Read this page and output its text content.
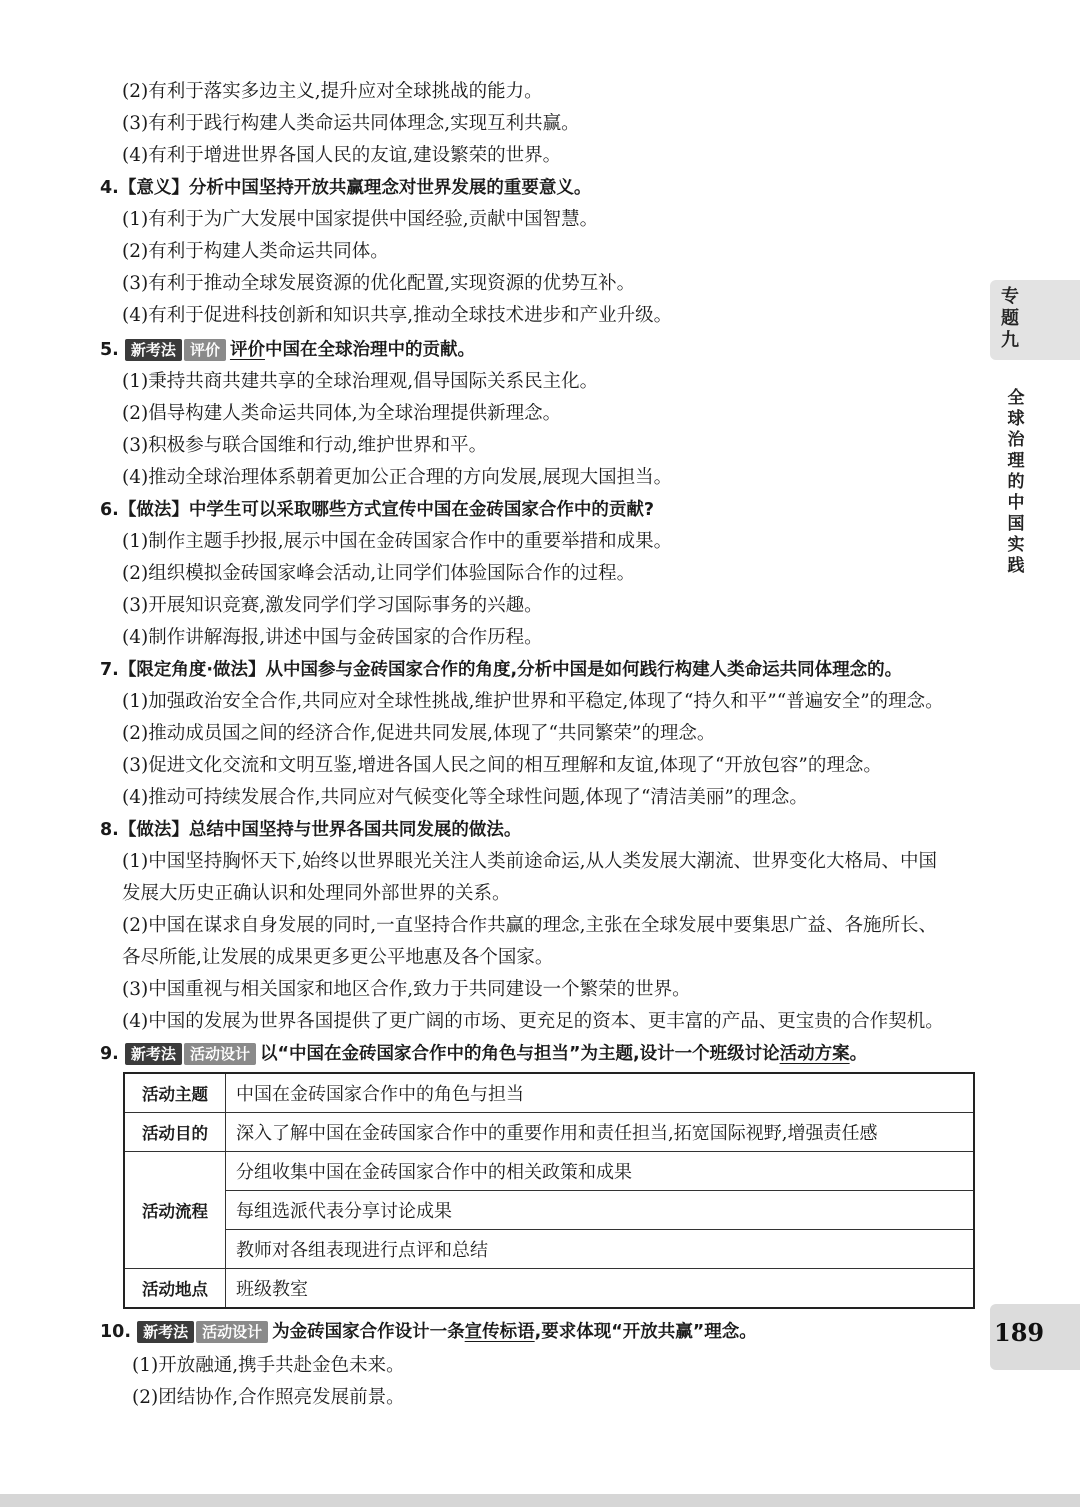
(2)有利于落实多边主义,提升应对全球挑战的能力。
(3)有利于践行构建人类命运共同体理念,实现互利共赢。
(4)有利于增进世界各国人民的友谊,建设繁荣的世界。
4.【意义】分析中国坚持开放共赢理念对世界发展的重要意义。
(1)有利于为广大发展中国家提供中国经验,贡献中国智慧。
(2)有利于构建人类命运共同体。
(3)有利于推动全球发展资源的优化配置,实现资源的优势互补。
(4)有利于促进科技创新和知识共享,推动全球技术进步和产业升级。
5. 新考法 评价 评价中国在全球治理中的贡献。
(1)秉持共商共建共享的全球治理观,倡导国际关系民主化。
(2)倡导构建人类命运共同体,为全球治理提供新理念。
(3)积极参与联合国维和行动,维护世界和平。
(4)推动全球治理体系朝着更加公正合理的方向发展,展现大国担当。
6.【做法】中学生可以采取哪些方式宣传中国在金砖国家合作中的贡献?
(1)制作主题手抄报,展示中国在金砖国家合作中的重要举措和成果。
(2)组织模拟金砖国家峰会活动,让同学们体验国际合作的过程。
(3)开展知识竞赛,激发同学们学习国际事务的兴趣。
(4)制作讲解海报,讲述中国与金砖国家的合作历程。
7.【限定角度·做法】从中国参与金砖国家合作的角度,分析中国是如何践行构建人类命运共同体理念的。
(1)加强政治安全合作,共同应对全球性挑战,维护世界和平稳定,体现了“持久和平”“普遍安全”的理念。
(2)推动成员国之间的经济合作,促进共同发展,体现了“共同繁荣”的理念。
(3)促进文化交流和文明互鉴,增进各国人民之间的相互理解和友谊,体现了“开放包容”的理念。
(4)推动可持续发展合作,共同应对气候变化等全球性问题,体现了“清洁美丽”的理念。
8.【做法】总结中国坚持与世界各国共同发展的做法。
(1)中国坚持胸怀天下,始终以世界眼光关注人类前途命运,从人类发展大潮流、世界变化大格局、中国
发展大历史正确认识和处理同外部世界的关系。
(2)中国在谋求自身发展的同时,一直坚持合作共赢的理念,主张在全球发展中要集思广益、各施所长、
各尽所能,让发展的成果更多更公平地惠及各个国家。
(3)中国重视与相关国家和地区合作,致力于共同建设一个繁荣的世界。
(4)中国的发展为世界各国提供了更广阔的市场、更充足的资本、更丰富的产品、更宝贵的合作契机。
9. 新考法 活动设计 以“中国在金砖国家合作中的角色与担当”为主题,设计一个班级讨论活动方案。
活动主题	中国在金砖国家合作中的角色与担当
活动目的	深入了解中国在金砖国家合作中的重要作用和责任担当,拓宽国际视野,增强责任感
活动流程	分组收集中国在金砖国家合作中的相关政策和成果
	每组选派代表分享讨论成果
	教师对各组表现进行点评和总结
活动地点	班级教室
10. 新考法 活动设计 为金砖国家合作设计一条宣传标语,要求体现“开放共赢”理念。
(1)开放融通,携手共赴金色未来。
(2)团结协作,合作照亮发展前景。
专
题
九
全
球
治
理
的
中
国
实
践
189
